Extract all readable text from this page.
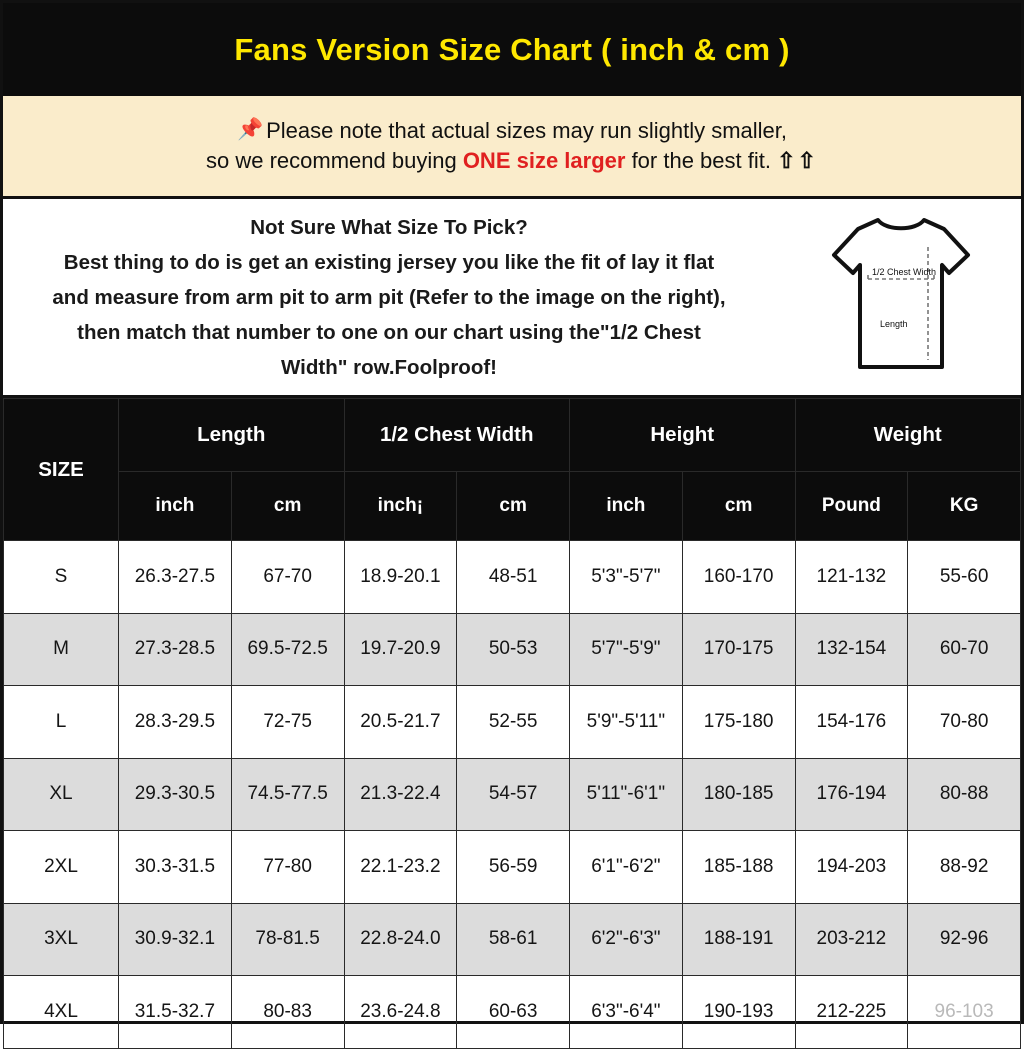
Fans Version Size Chart ( inch & cm )
📌 Please note that actual sizes may run slightly smaller,
so we recommend buying ONE size larger for the best fit. ⇧⇧
Not Sure What Size To Pick?
Best thing to do is get an existing jersey you like the fit of lay it flat
and measure from arm pit to arm pit (Refer to the image on the right),
then match that number to one on our chart using the"1/2 Chest
Width" row.Foolproof!
1/2 Chest Width
Length
SIZE	Length		1/2 Chest Width		Height		Weight	
	inch	cm	inch¡	cm	inch	cm	Pound	KG
S	26.3-27.5	67-70	18.9-20.1	48-51	5'3"-5'7"	160-170	121-132	55-60
M	27.3-28.5	69.5-72.5	19.7-20.9	50-53	5'7"-5'9"	170-175	132-154	60-70
L	28.3-29.5	72-75	20.5-21.7	52-55	5'9"-5'11"	175-180	154-176	70-80
XL	29.3-30.5	74.5-77.5	21.3-22.4	54-57	5'11"-6'1"	180-185	176-194	80-88
2XL	30.3-31.5	77-80	22.1-23.2	56-59	6'1"-6'2"	185-188	194-203	88-92
3XL	30.9-32.1	78-81.5	22.8-24.0	58-61	6'2"-6'3"	188-191	203-212	92-96
4XL	31.5-32.7	80-83	23.6-24.8	60-63	6'3"-6'4"	190-193	212-225	96-103
